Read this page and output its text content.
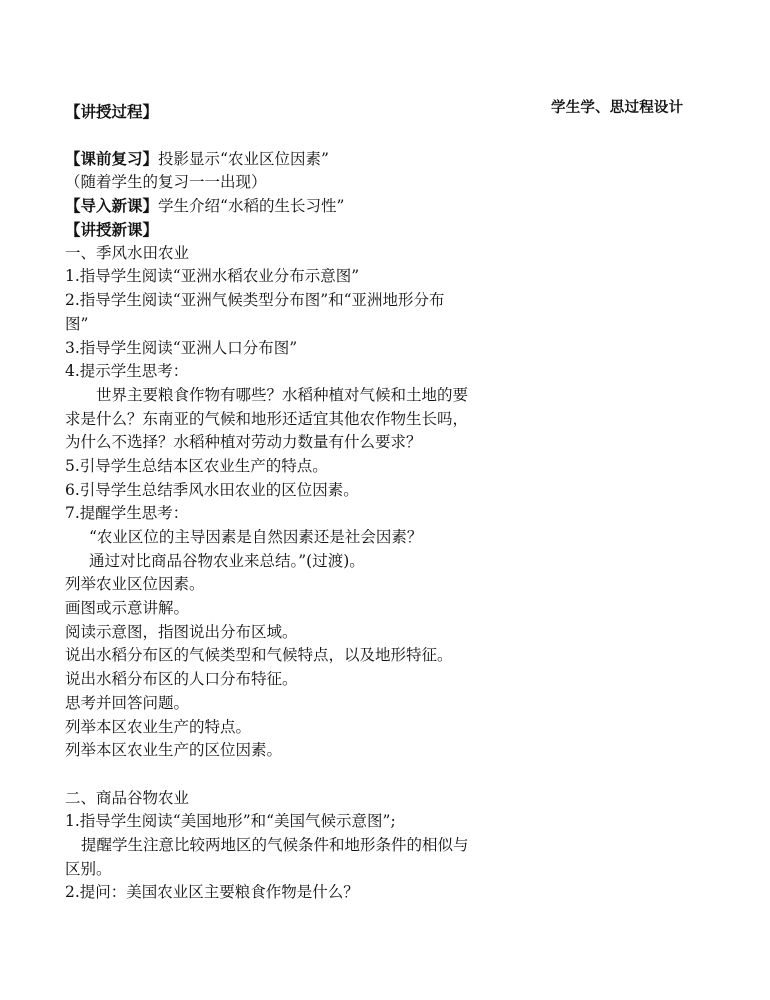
学生学、思过程设计
【讲授过程】
【课前复习】投影显示“农业区位因素”
（随着学生的复习一一出现）
【导入新课】学生介绍“水稻的生长习性”
【讲授新课】
一、季风水田农业
1.指导学生阅读“亚洲水稻农业分布示意图”
2.指导学生阅读“亚洲气候类型分布图”和“亚洲地形分布
图”
3.指导学生阅读“亚洲人口分布图”
4.提示学生思考：
世界主要粮食作物有哪些？水稻种植对气候和土地的要
求是什么？东南亚的气候和地形还适宜其他农作物生长吗，
为什么不选择？水稻种植对劳动力数量有什么要求？
5.引导学生总结本区农业生产的特点。
6.引导学生总结季风水田农业的区位因素。
7.提醒学生思考：
“农业区位的主导因素是自然因素还是社会因素？
通过对比商品谷物农业来总结。”(过渡)。
列举农业区位因素。
画图或示意讲解。
阅读示意图，指图说出分布区域。
说出水稻分布区的气候类型和气候特点，以及地形特征。
说出水稻分布区的人口分布特征。
思考并回答问题。
列举本区农业生产的特点。
列举本区农业生产的区位因素。
二、商品谷物农业
1.指导学生阅读“美国地形”和“美国气候示意图”;
提醒学生注意比较两地区的气候条件和地形条件的相似与
区别。
2.提问：美国农业区主要粮食作物是什么？
